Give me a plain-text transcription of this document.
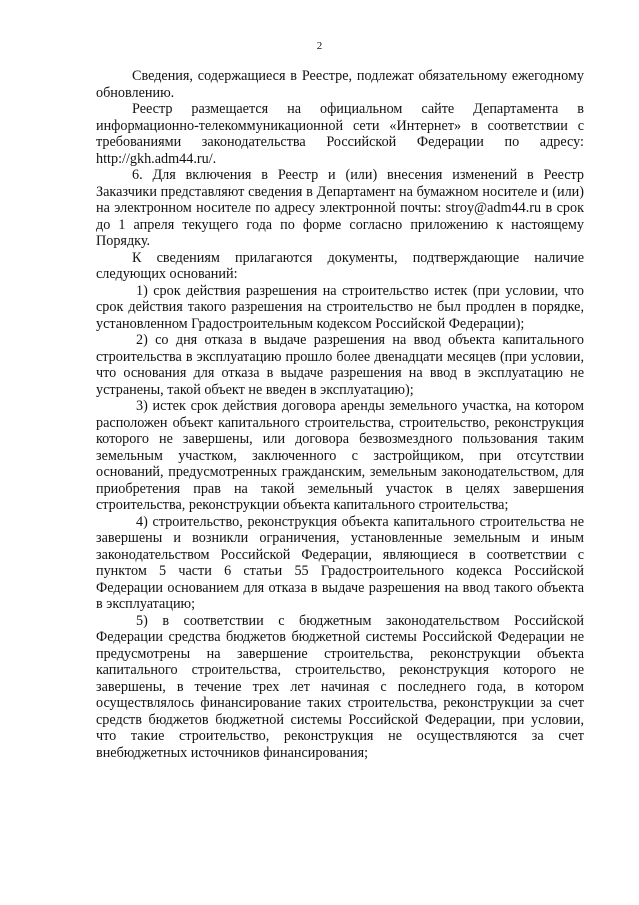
2

Сведения, содержащиеся в Реестре, подлежат обязательному ежегодному обновлению.

Реестр размещается на официальном сайте Департамента в информационно-телекоммуникационной сети «Интернет» в соответствии с требованиями законодательства Российской Федерации по адресу: http://gkh.adm44.ru/.

6. Для включения в Реестр и (или) внесения изменений в Реестр Заказчики представляют сведения в Департамент на бумажном носителе и (или) на электронном носителе по адресу электронной почты: stroy@adm44.ru в срок до 1 апреля текущего года по форме согласно приложению к настоящему Порядку.

К сведениям прилагаются документы, подтверждающие наличие следующих оснований:

1) срок действия разрешения на строительство истек (при условии, что срок действия такого разрешения на строительство не был продлен в порядке, установленном Градостроительным кодексом Российской Федерации);

2) со дня отказа в выдаче разрешения на ввод объекта капитального строительства в эксплуатацию прошло более двенадцати месяцев (при условии, что основания для отказа в выдаче разрешения на ввод в эксплуатацию не устранены, такой объект не введен в эксплуатацию);

3) истек срок действия договора аренды земельного участка, на котором расположен объект капитального строительства, строительство, реконструкция которого не завершены, или договора безвозмездного пользования таким земельным участком, заключенного с застройщиком, при отсутствии оснований, предусмотренных гражданским, земельным законодательством, для приобретения прав на такой земельный участок в целях завершения строительства, реконструкции объекта капитального строительства;

4) строительство, реконструкция объекта капитального строительства не завершены и возникли ограничения, установленные земельным и иным законодательством Российской Федерации, являющиеся в соответствии с пунктом 5 части 6 статьи 55 Градостроительного кодекса Российской Федерации основанием для отказа в выдаче разрешения на ввод такого объекта в эксплуатацию;

5) в соответствии с бюджетным законодательством Российской Федерации средства бюджетов бюджетной системы Российской Федерации не предусмотрены на завершение строительства, реконструкции объекта капитального строительства, строительство, реконструкция которого не завершены, в течение трех лет начиная с последнего года, в котором осуществлялось финансирование таких строительства, реконструкции за счет средств бюджетов бюджетной системы Российской Федерации, при условии, что такие строительство, реконструкция не осуществляются за счет внебюджетных источников финансирования;
